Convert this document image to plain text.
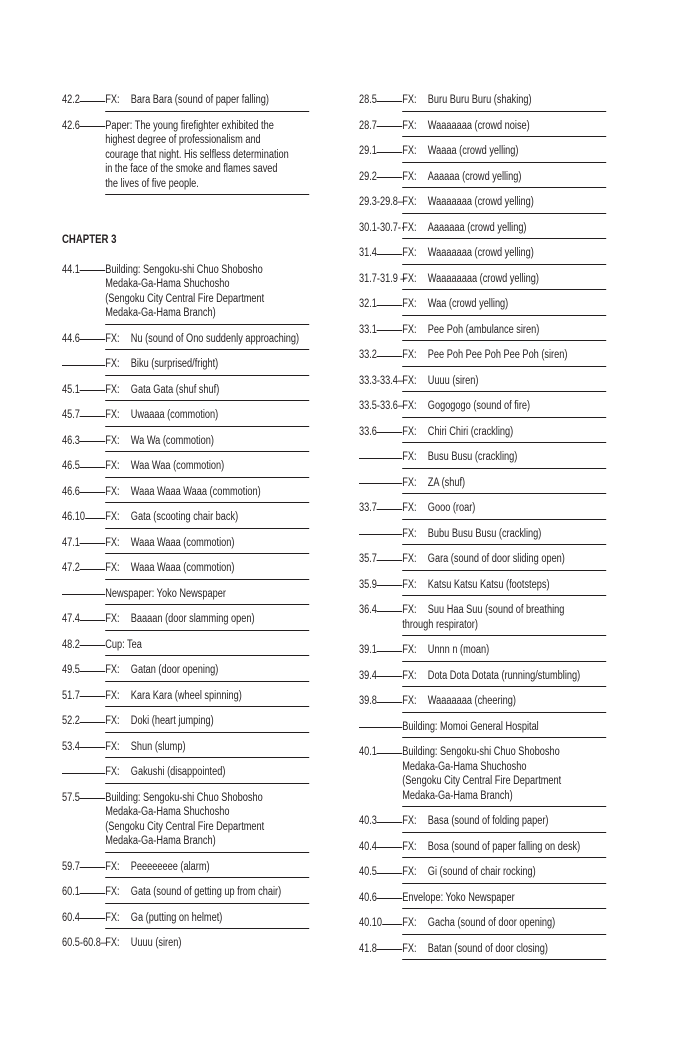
42.2 FX: Bara Bara (sound of paper falling)
42.6 Paper: The young firefighter exhibited the
highest degree of professionalism and
courage that night. His selfless determination
in the face of the smoke and flames saved
the lives of five people.
CHAPTER 3
44.1 Building: Sengoku-shi Chuo Shobosho
Medaka-Ga-Hama Shuchosho
(Sengoku City Central Fire Department
Medaka-Ga-Hama Branch)
44.6 FX: Nu (sound of Ono suddenly approaching)
FX: Biku (surprised/fright)
45.1 FX: Gata Gata (shuf shuf)
45.7 FX: Uwaaaa (commotion)
46.3 FX: Wa Wa (commotion)
46.5 FX: Waa Waa (commotion)
46.6 FX: Waaa Waaa Waaa (commotion)
46.10 FX: Gata (scooting chair back)
47.1 FX: Waaa Waaa (commotion)
47.2 FX: Waaa Waaa (commotion)
Newspaper: Yoko Newspaper
47.4 FX: Baaaan (door slamming open)
48.2 Cup: Tea
49.5 FX: Gatan (door opening)
51.7 FX: Kara Kara (wheel spinning)
52.2 FX: Doki (heart jumping)
53.4 FX: Shun (slump)
FX: Gakushi (disappointed)
57.5 Building: Sengoku-shi Chuo Shobosho
Medaka-Ga-Hama Shuchosho
(Sengoku City Central Fire Department
Medaka-Ga-Hama Branch)
59.7 FX: Peeeeeeee (alarm)
60.1 FX: Gata (sound of getting up from chair)
60.4 FX: Ga (putting on helmet)
60.5-60.8– FX: Uuuu (siren)
28.5 FX: Buru Buru Buru (shaking)
28.7 FX: Waaaaaaa (crowd noise)
29.1 FX: Waaaa (crowd yelling)
29.2 FX: Aaaaaa (crowd yelling)
29.3-29.8– FX: Waaaaaaa (crowd yelling)
30.1-30.7-·
FX: Aaaaaaa (crowd yelling)
31.4 FX: Waaaaaaa (crowd yelling)
31.7-31.9 –
FX: Waaaaaaaa (crowd yelling)
32.1 FX: Waa (crowd yelling)
33.1 FX: Pee Poh (ambulance siren)
33.2 FX: Pee Poh Pee Poh Pee Poh (siren)
33.3-33.4– FX: Uuuu (siren)
33.5-33.6– FX: Gogogogo (sound of fire)
33.6 FX: Chiri Chiri (crackling)
FX: Busu Busu (crackling)
FX: ZA (shuf)
33.7 FX: Gooo (roar)
FX: Bubu Busu Busu (crackling)
35.7 FX: Gara (sound of door sliding open)
35.9 FX: Katsu Katsu Katsu (footsteps)
36.4 FX: Suu Haa Suu (sound of breathing
through respirator)
39.1 FX: Unnn n (moan)
39.4 FX: Dota Dota Dotata (running/stumbling)
39.8 FX: Waaaaaaa (cheering)
Building: Momoi General Hospital
40.1 Building: Sengoku-shi Chuo Shobosho
Medaka-Ga-Hama Shuchosho
(Sengoku City Central Fire Department
Medaka-Ga-Hama Branch)
40.3 FX: Basa (sound of folding paper)
40.4 FX: Bosa (sound of paper falling on desk)
40.5 FX: Gi (sound of chair rocking)
40.6 Envelope: Yoko Newspaper
40.10 FX: Gacha (sound of door opening)
41.8 FX: Batan (sound of door closing)
